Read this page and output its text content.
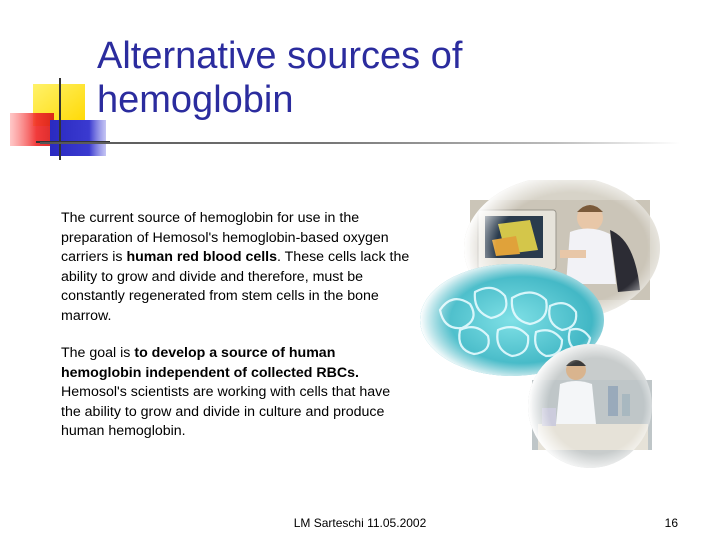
Alternative sources of hemoglobin

The current source of hemoglobin for use in the preparation of Hemosol's hemoglobin-based oxygen carriers is human red blood cells. These cells lack the ability to grow and divide and therefore, must be constantly regenerated from stem cells in the bone marrow.

The goal is to develop a source of human hemoglobin independent of collected RBCs. Hemosol's scientists are working with cells that have the ability to grow and divide in culture and produce human hemoglobin.

LM Sarteschi 11.05.2002	16
